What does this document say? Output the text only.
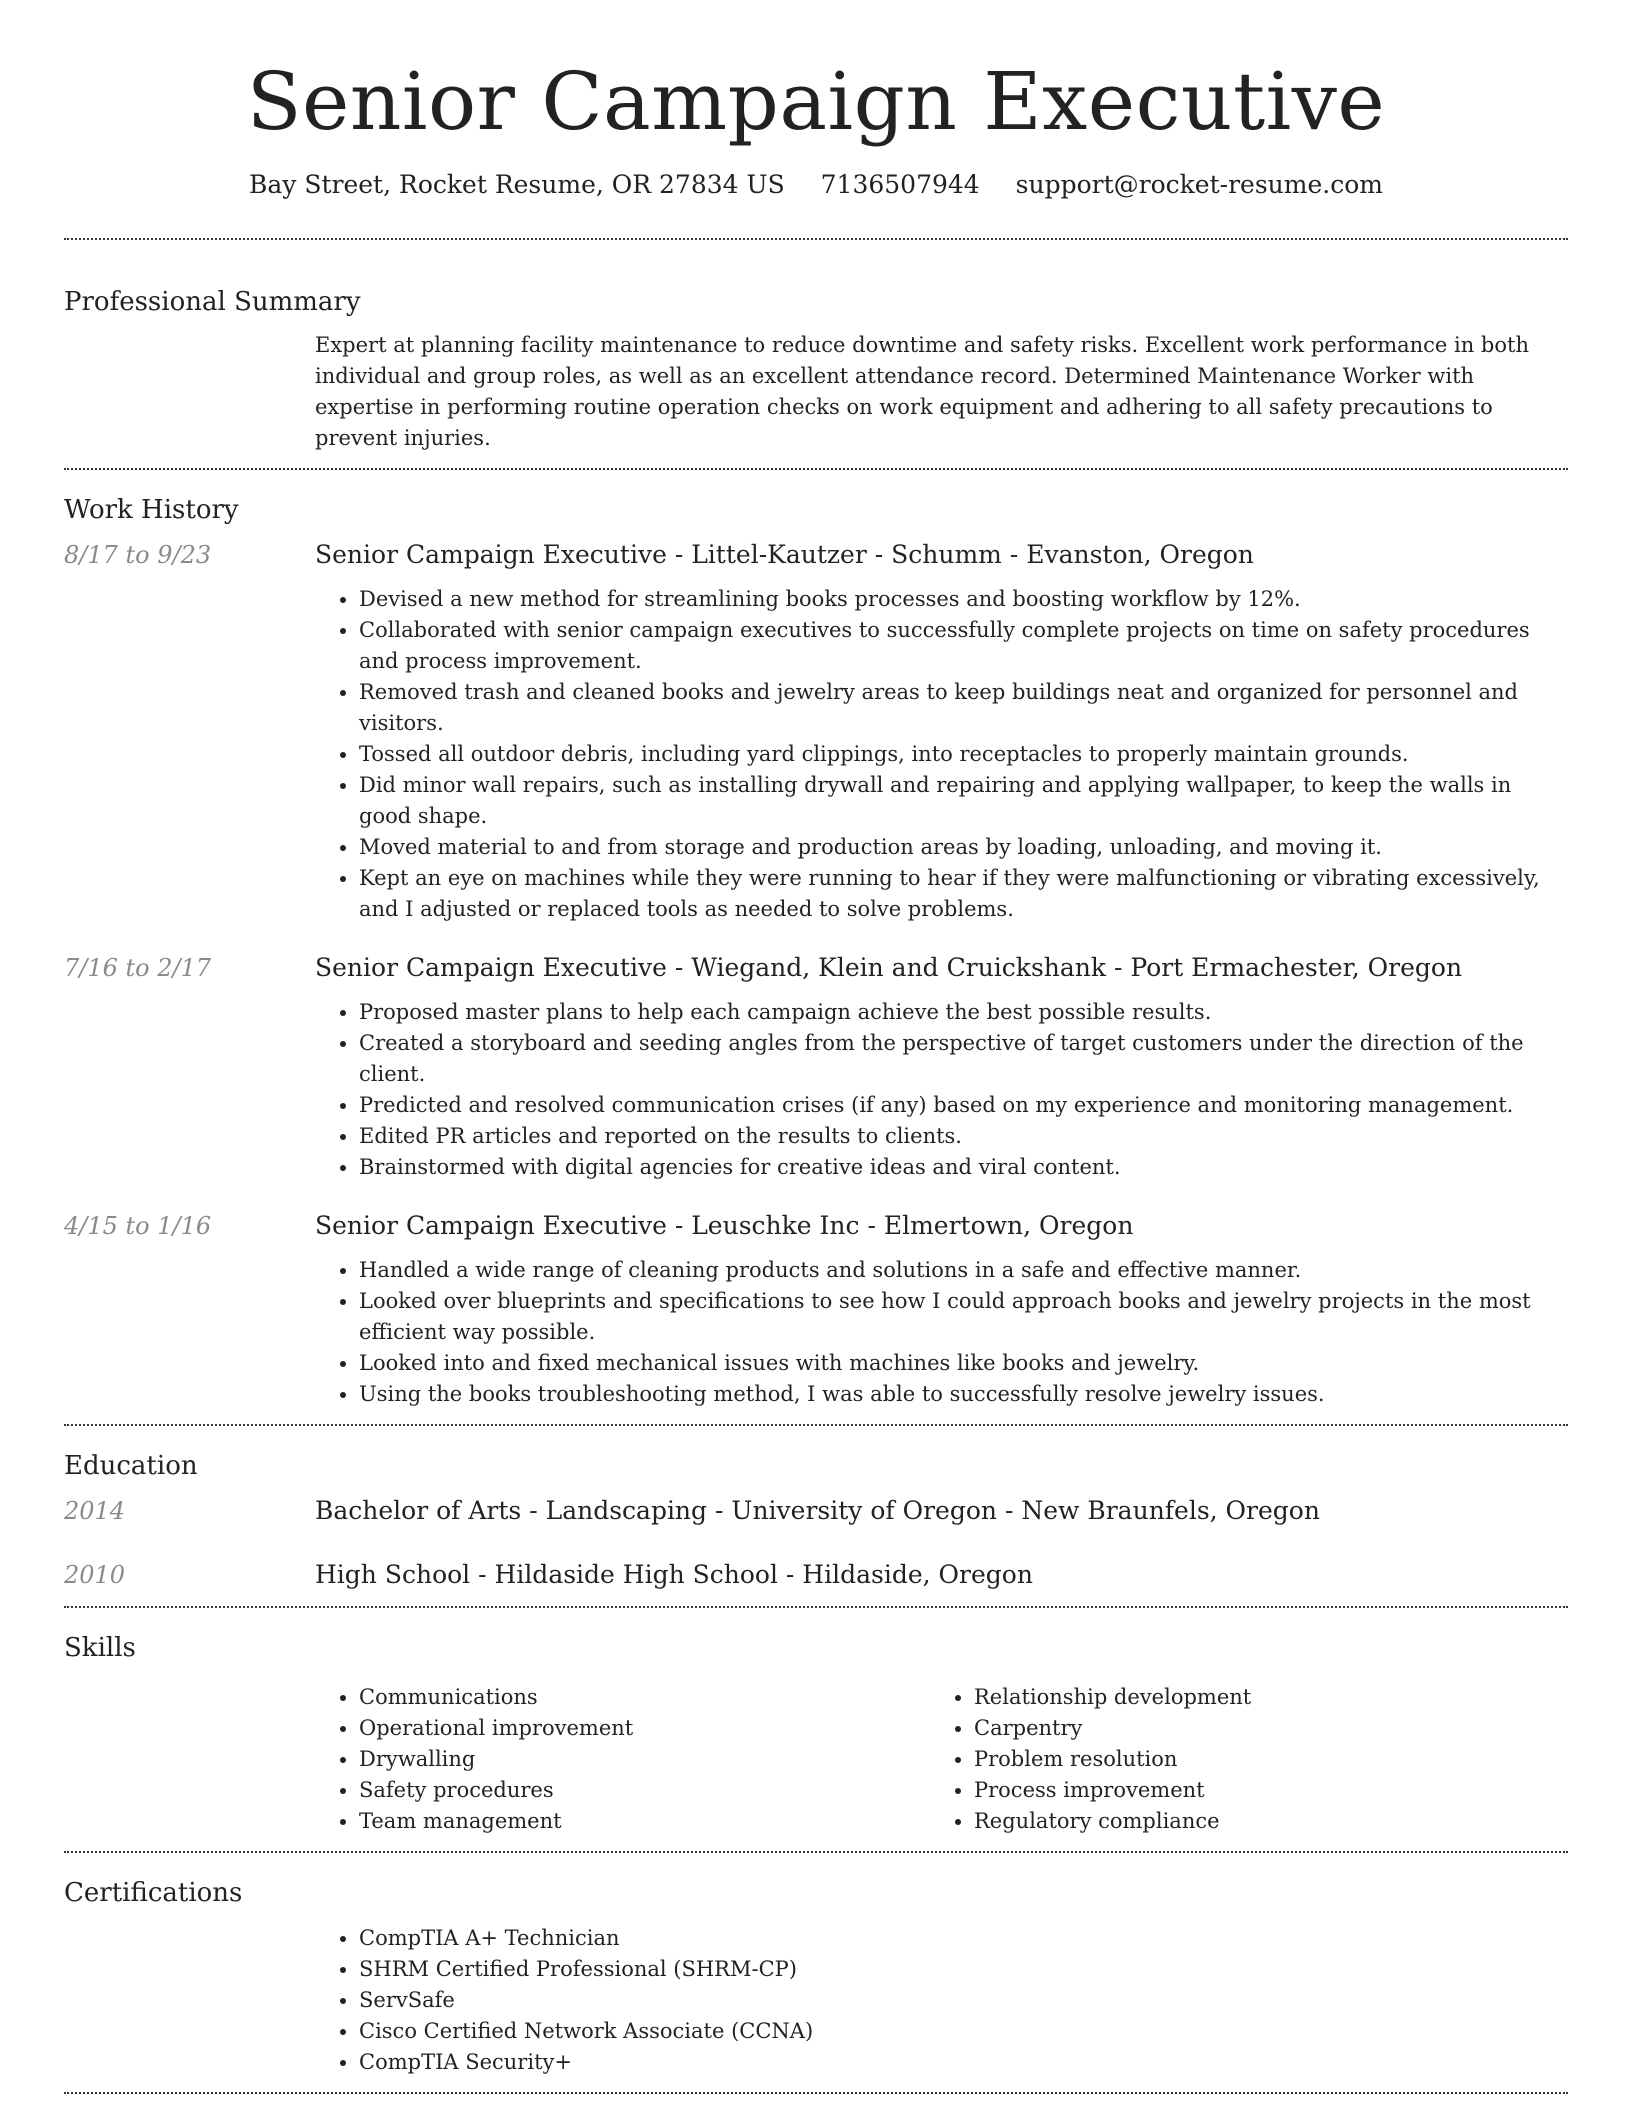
Senior Campaign Executive
Bay Street, Rocket Resume, OR 27834 US 7136507944 support@rocket-resume.com
Professional Summary

Expert at planning facility maintenance to reduce downtime and safety risks. Excellent work performance in both individual and group roles, as well as an excellent attendance record. Determined Maintenance Worker with expertise in performing routine operation checks on work equipment and adhering to all safety precautions to prevent injuries.

Work History
8/17 to 9/23	Senior Campaign Executive - Littel-Kautzer - Schumm - Evanston, Oregon
• Devised a new method for streamlining books processes and boosting workflow by 12%.
• Collaborated with senior campaign executives to successfully complete projects on time on safety procedures and process improvement.
• Removed trash and cleaned books and jewelry areas to keep buildings neat and organized for personnel and visitors.
• Tossed all outdoor debris, including yard clippings, into receptacles to properly maintain grounds.
• Did minor wall repairs, such as installing drywall and repairing and applying wallpaper, to keep the walls in good shape.
• Moved material to and from storage and production areas by loading, unloading, and moving it.
• Kept an eye on machines while they were running to hear if they were malfunctioning or vibrating excessively, and I adjusted or replaced tools as needed to solve problems.
7/16 to 2/17	Senior Campaign Executive - Wiegand, Klein and Cruickshank - Port Ermachester, Oregon
• Proposed master plans to help each campaign achieve the best possible results.
• Created a storyboard and seeding angles from the perspective of target customers under the direction of the client.
• Predicted and resolved communication crises (if any) based on my experience and monitoring management.
• Edited PR articles and reported on the results to clients.
• Brainstormed with digital agencies for creative ideas and viral content.
4/15 to 1/16	Senior Campaign Executive - Leuschke Inc - Elmertown, Oregon
• Handled a wide range of cleaning products and solutions in a safe and effective manner.
• Looked over blueprints and specifications to see how I could approach books and jewelry projects in the most efficient way possible.
• Looked into and fixed mechanical issues with machines like books and jewelry.
• Using the books troubleshooting method, I was able to successfully resolve jewelry issues.
Education
2014	Bachelor of Arts - Landscaping - University of Oregon - New Braunfels, Oregon
2010	High School - Hildaside High School - Hildaside, Oregon
Skills
• Communications
• Operational improvement
• Drywalling
• Safety procedures
• Team management
• Relationship development
• Carpentry
• Problem resolution
• Process improvement
• Regulatory compliance
Certifications
• CompTIA A+ Technician
• SHRM Certified Professional (SHRM-CP)
• ServSafe
• Cisco Certified Network Associate (CCNA)
• CompTIA Security+
